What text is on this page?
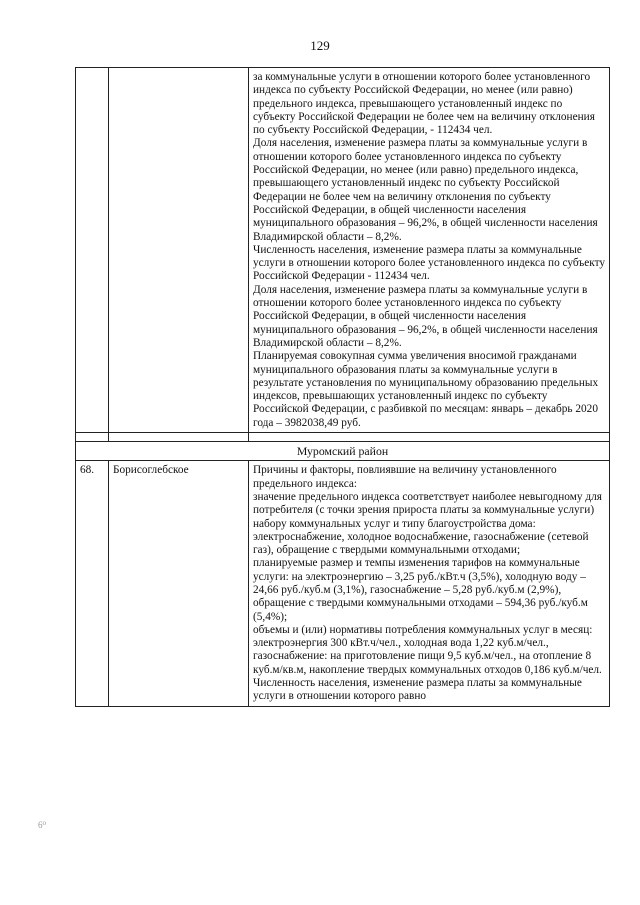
129

		за коммунальные услуги в отношении которого более установленного индекса по субъекту Российской Федерации, но менее (или равно) предельного индекса, превышающего установленный индекс по субъекту Российской Федерации не более чем на величину отклонения по субъекту Российской Федерации, - 112434 чел.
Доля населения, изменение размера платы за коммунальные услуги в отношении которого более установленного индекса по субъекту Российской Федерации, но менее (или равно) предельного индекса, превышающего установленный индекс по субъекту Российской Федерации не более чем на величину отклонения по субъекту Российской Федерации, в общей численности населения муниципального образования – 96,2%, в общей численности населения Владимирской области – 8,2%.
Численность населения, изменение размера платы за коммунальные услуги в отношении которого более установленного индекса по субъекту Российской Федерации - 112434 чел.
Доля населения, изменение размера платы за коммунальные услуги в отношении которого более установленного индекса по субъекту Российской Федерации, в общей численности населения муниципального образования – 96,2%, в общей численности населения Владимирской области – 8,2%.
Планируемая совокупная сумма увеличения вносимой гражданами муниципального образования платы за коммунальные услуги в результате установления по муниципальному образованию предельных индексов, превышающих установленный индекс по субъекту Российской Федерации, с разбивкой по месяцам: январь – декабрь 2020 года – 3982038,49 руб.

Муромский район		
68.	Борисоглебское	Причины и факторы, повлиявшие на величину установленного предельного индекса:
значение предельного индекса соответствует наиболее невыгодному для потребителя (с точки зрения прироста платы за коммунальные услуги) набору коммунальных услуг и типу благоустройства дома: электроснабжение, холодное водоснабжение, газоснабжение (сетевой газ), обращение с твердыми коммунальными отходами;
планируемые размер и темпы изменения тарифов на коммунальные услуги: на электроэнергию – 3,25 руб./кВт.ч (3,5%), холодную воду – 24,66 руб./куб.м (3,1%), газоснабжение – 5,28 руб./куб.м (2,9%), обращение с твердыми коммунальными отходами – 594,36 руб./куб.м (5,4%);
объемы и (или) нормативы потребления коммунальных услуг в месяц: электроэнергия 300 кВт.ч/чел., холодная вода 1,22 куб.м/чел., газоснабжение: на приготовление пищи 9,5 куб.м/чел., на отопление 8 куб.м/кв.м, накопление твердых коммунальных отходов 0,186 куб.м/чел.
Численность населения, изменение размера платы за коммунальные услуги в отношении которого равно
6⁰
